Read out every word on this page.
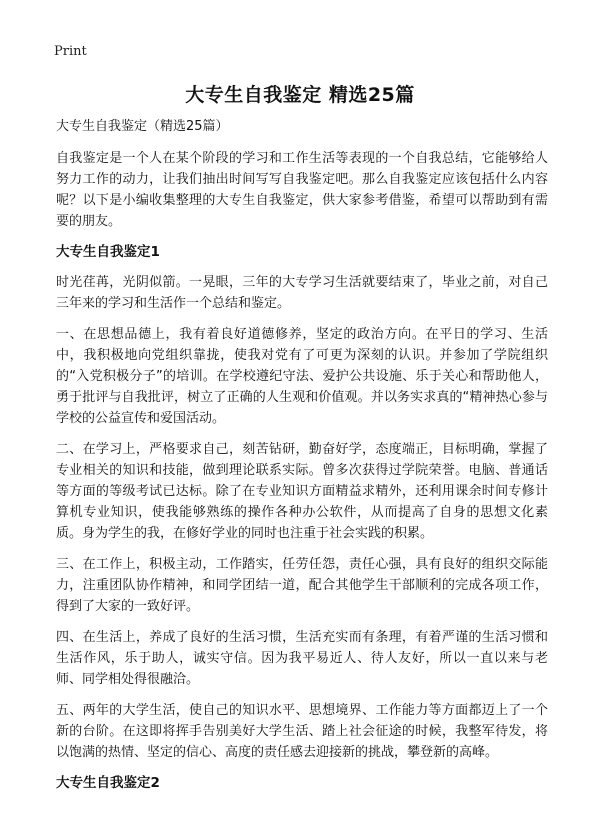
Print
大专生自我鉴定 精选25篇
大专生自我鉴定（精选25篇）

自我鉴定是一个人在某个阶段的学习和工作生活等表现的一个自我总结，它能够给人努力工作的动力，让我们抽出时间写写自我鉴定吧。那么自我鉴定应该包括什么内容呢？以下是小编收集整理的大专生自我鉴定，供大家参考借鉴，希望可以帮助到有需要的朋友。

大专生自我鉴定1

时光荏苒，光阴似箭。一晃眼，三年的大专学习生活就要结束了，毕业之前，对自己三年来的学习和生活作一个总结和鉴定。

一、在思想品德上，我有着良好道德修养，坚定的政治方向。在平日的学习、生活中，我积极地向党组织靠拢，使我对党有了可更为深刻的认识。并参加了学院组织的“入党积极分子”的培训。在学校遵纪守法、爱护公共设施、乐于关心和帮助他人，勇于批评与自我批评，树立了正确的人生观和价值观。并以务实求真的“精神热心参与学校的公益宣传和爱国活动。

二、在学习上，严格要求自己，刻苦钻研，勤奋好学，态度端正，目标明确，掌握了专业相关的知识和技能，做到理论联系实际。曾多次获得过学院荣誉。电脑、普通话等方面的等级考试已达标。除了在专业知识方面精益求精外，还利用课余时间专修计算机专业知识，使我能够熟练的操作各种办公软件，从而提高了自身的思想文化素质。身为学生的我，在修好学业的同时也注重于社会实践的积累。

三、在工作上，积极主动，工作踏实，任劳任怨，责任心强，具有良好的组织交际能力，注重团队协作精神，和同学团结一道，配合其他学生干部顺利的完成各项工作，得到了大家的一致好评。

四、在生活上，养成了良好的生活习惯，生活充实而有条理，有着严谨的生活习惯和生活作风，乐于助人，诚实守信。因为我平易近人、待人友好，所以一直以来与老师、同学相处得很融洽。

五、两年的大学生活，使自己的知识水平、思想境界、工作能力等方面都迈上了一个新的台阶。在这即将挥手告别美好大学生活、踏上社会征途的时候，我整军待发，将以饱满的热情、坚定的信心、高度的责任感去迎接新的挑战，攀登新的高峰。

大专生自我鉴定2
